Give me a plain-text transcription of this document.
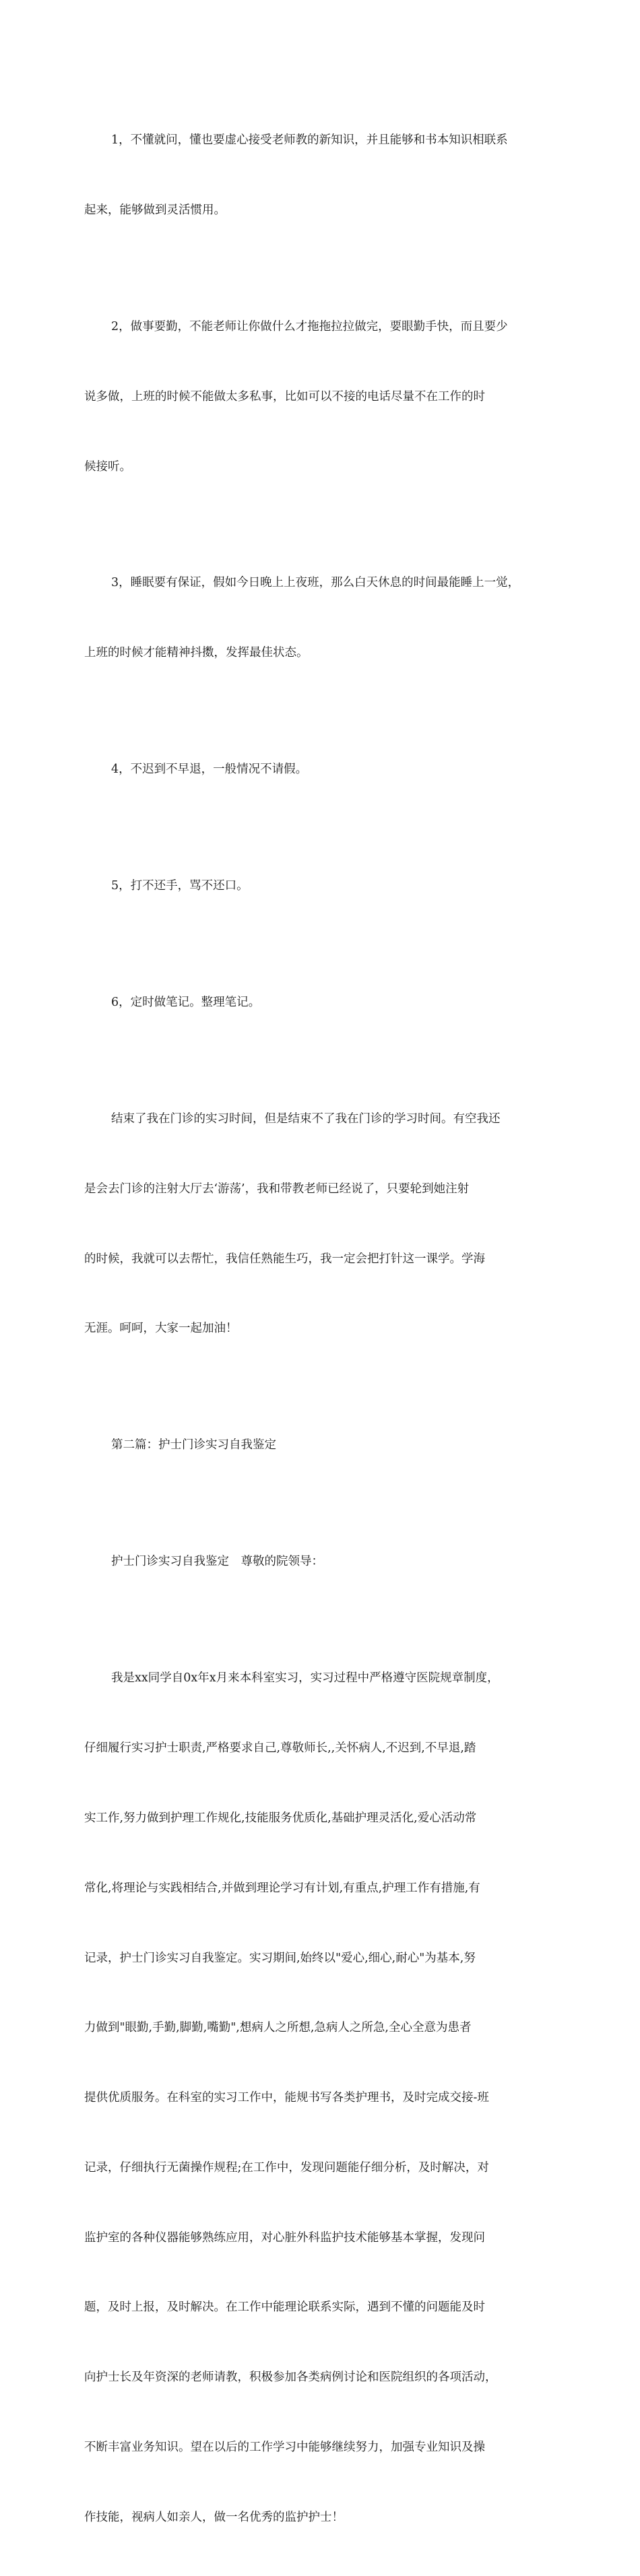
1，不懂就问，懂也要虚心接受老师教的新知识，并且能够和书本知识相联系

起来，能够做到灵活惯用。

2，做事要勤，不能老师让你做什么才拖拖拉拉做完，要眼勤手快，而且要少

说多做，上班的时候不能做太多私事，比如可以不接的电话尽量不在工作的时

候接听。

3，睡眠要有保证，假如今日晚上上夜班，那么白天休息的时间最能睡上一觉，

上班的时候才能精神抖擞，发挥最佳状态。

4，不迟到不早退，一般情况不请假。

5，打不还手，骂不还口。

6，定时做笔记。整理笔记。

结束了我在门诊的实习时间，但是结束不了我在门诊的学习时间。有空我还

是会去门诊的注射大厅去‘游荡’，我和带教老师已经说了，只要轮到她注射

的时候，我就可以去帮忙，我信任熟能生巧，我一定会把打针这一课学。学海

无涯。呵呵，大家一起加油！

第二篇：护士门诊实习自我鉴定

护士门诊实习自我鉴定　尊敬的院领导：

我是xx同学自0x年x月来本科室实习，实习过程中严格遵守医院规章制度，

仔细履行实习护士职责,严格要求自己,尊敬师长,,关怀病人,不迟到,不早退,踏

实工作,努力做到护理工作规化,技能服务优质化,基础护理灵活化,爱心活动常

常化,将理论与实践相结合,并做到理论学习有计划,有重点,护理工作有措施,有

记录，护士门诊实习自我鉴定。实习期间,始终以"爱心,细心,耐心"为基本,努

力做到"眼勤,手勤,脚勤,嘴勤",想病人之所想,急病人之所急,全心全意为患者

提供优质服务。在科室的实习工作中，能规书写各类护理书，及时完成交接-班

记录，仔细执行无菌操作规程;在工作中，发现问题能仔细分析，及时解决，对

监护室的各种仪器能够熟练应用，对心脏外科监护技术能够基本掌握，发现问

题，及时上报，及时解决。在工作中能理论联系实际，遇到不懂的问题能及时

向护士长及年资深的老师请教，积极参加各类病例讨论和医院组织的各项活动，

不断丰富业务知识。望在以后的工作学习中能够继续努力，加强专业知识及操

作技能，视病人如亲人，做一名优秀的监护护士！
